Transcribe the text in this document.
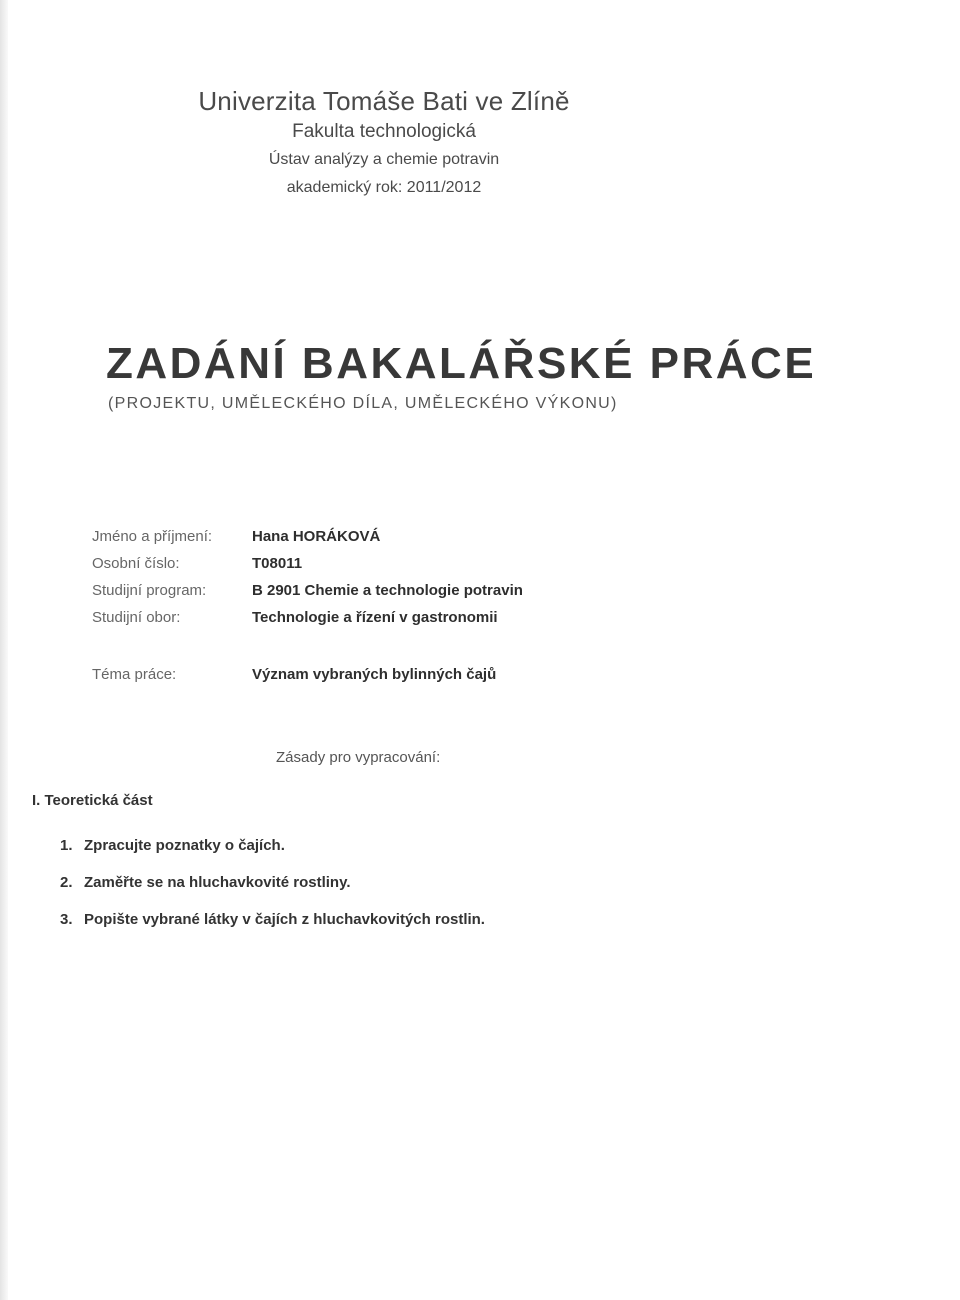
Univerzita Tomáše Bati ve Zlíně
Fakulta technologická
Ústav analýzy a chemie potravin
akademický rok: 2011/2012
ZADÁNÍ BAKALÁŘSKÉ PRÁCE
(PROJEKTU, UMĚLECKÉHO DÍLA, UMĚLECKÉHO VÝKONU)
Jméno a příjmení:	Hana HORÁKOVÁ
Osobní číslo:	T08011
Studijní program:	B 2901 Chemie a technologie potravin
Studijní obor:	Technologie a řízení v gastronomii
Téma práce:	Význam vybraných bylinných čajů
Zásady pro vypracování:
I. Teoretická část
1. Zpracujte poznatky o čajích.
2. Zaměřte se na hluchavkovité rostliny.
3. Popište vybrané látky v čajích z hluchavkovitých rostlin.
